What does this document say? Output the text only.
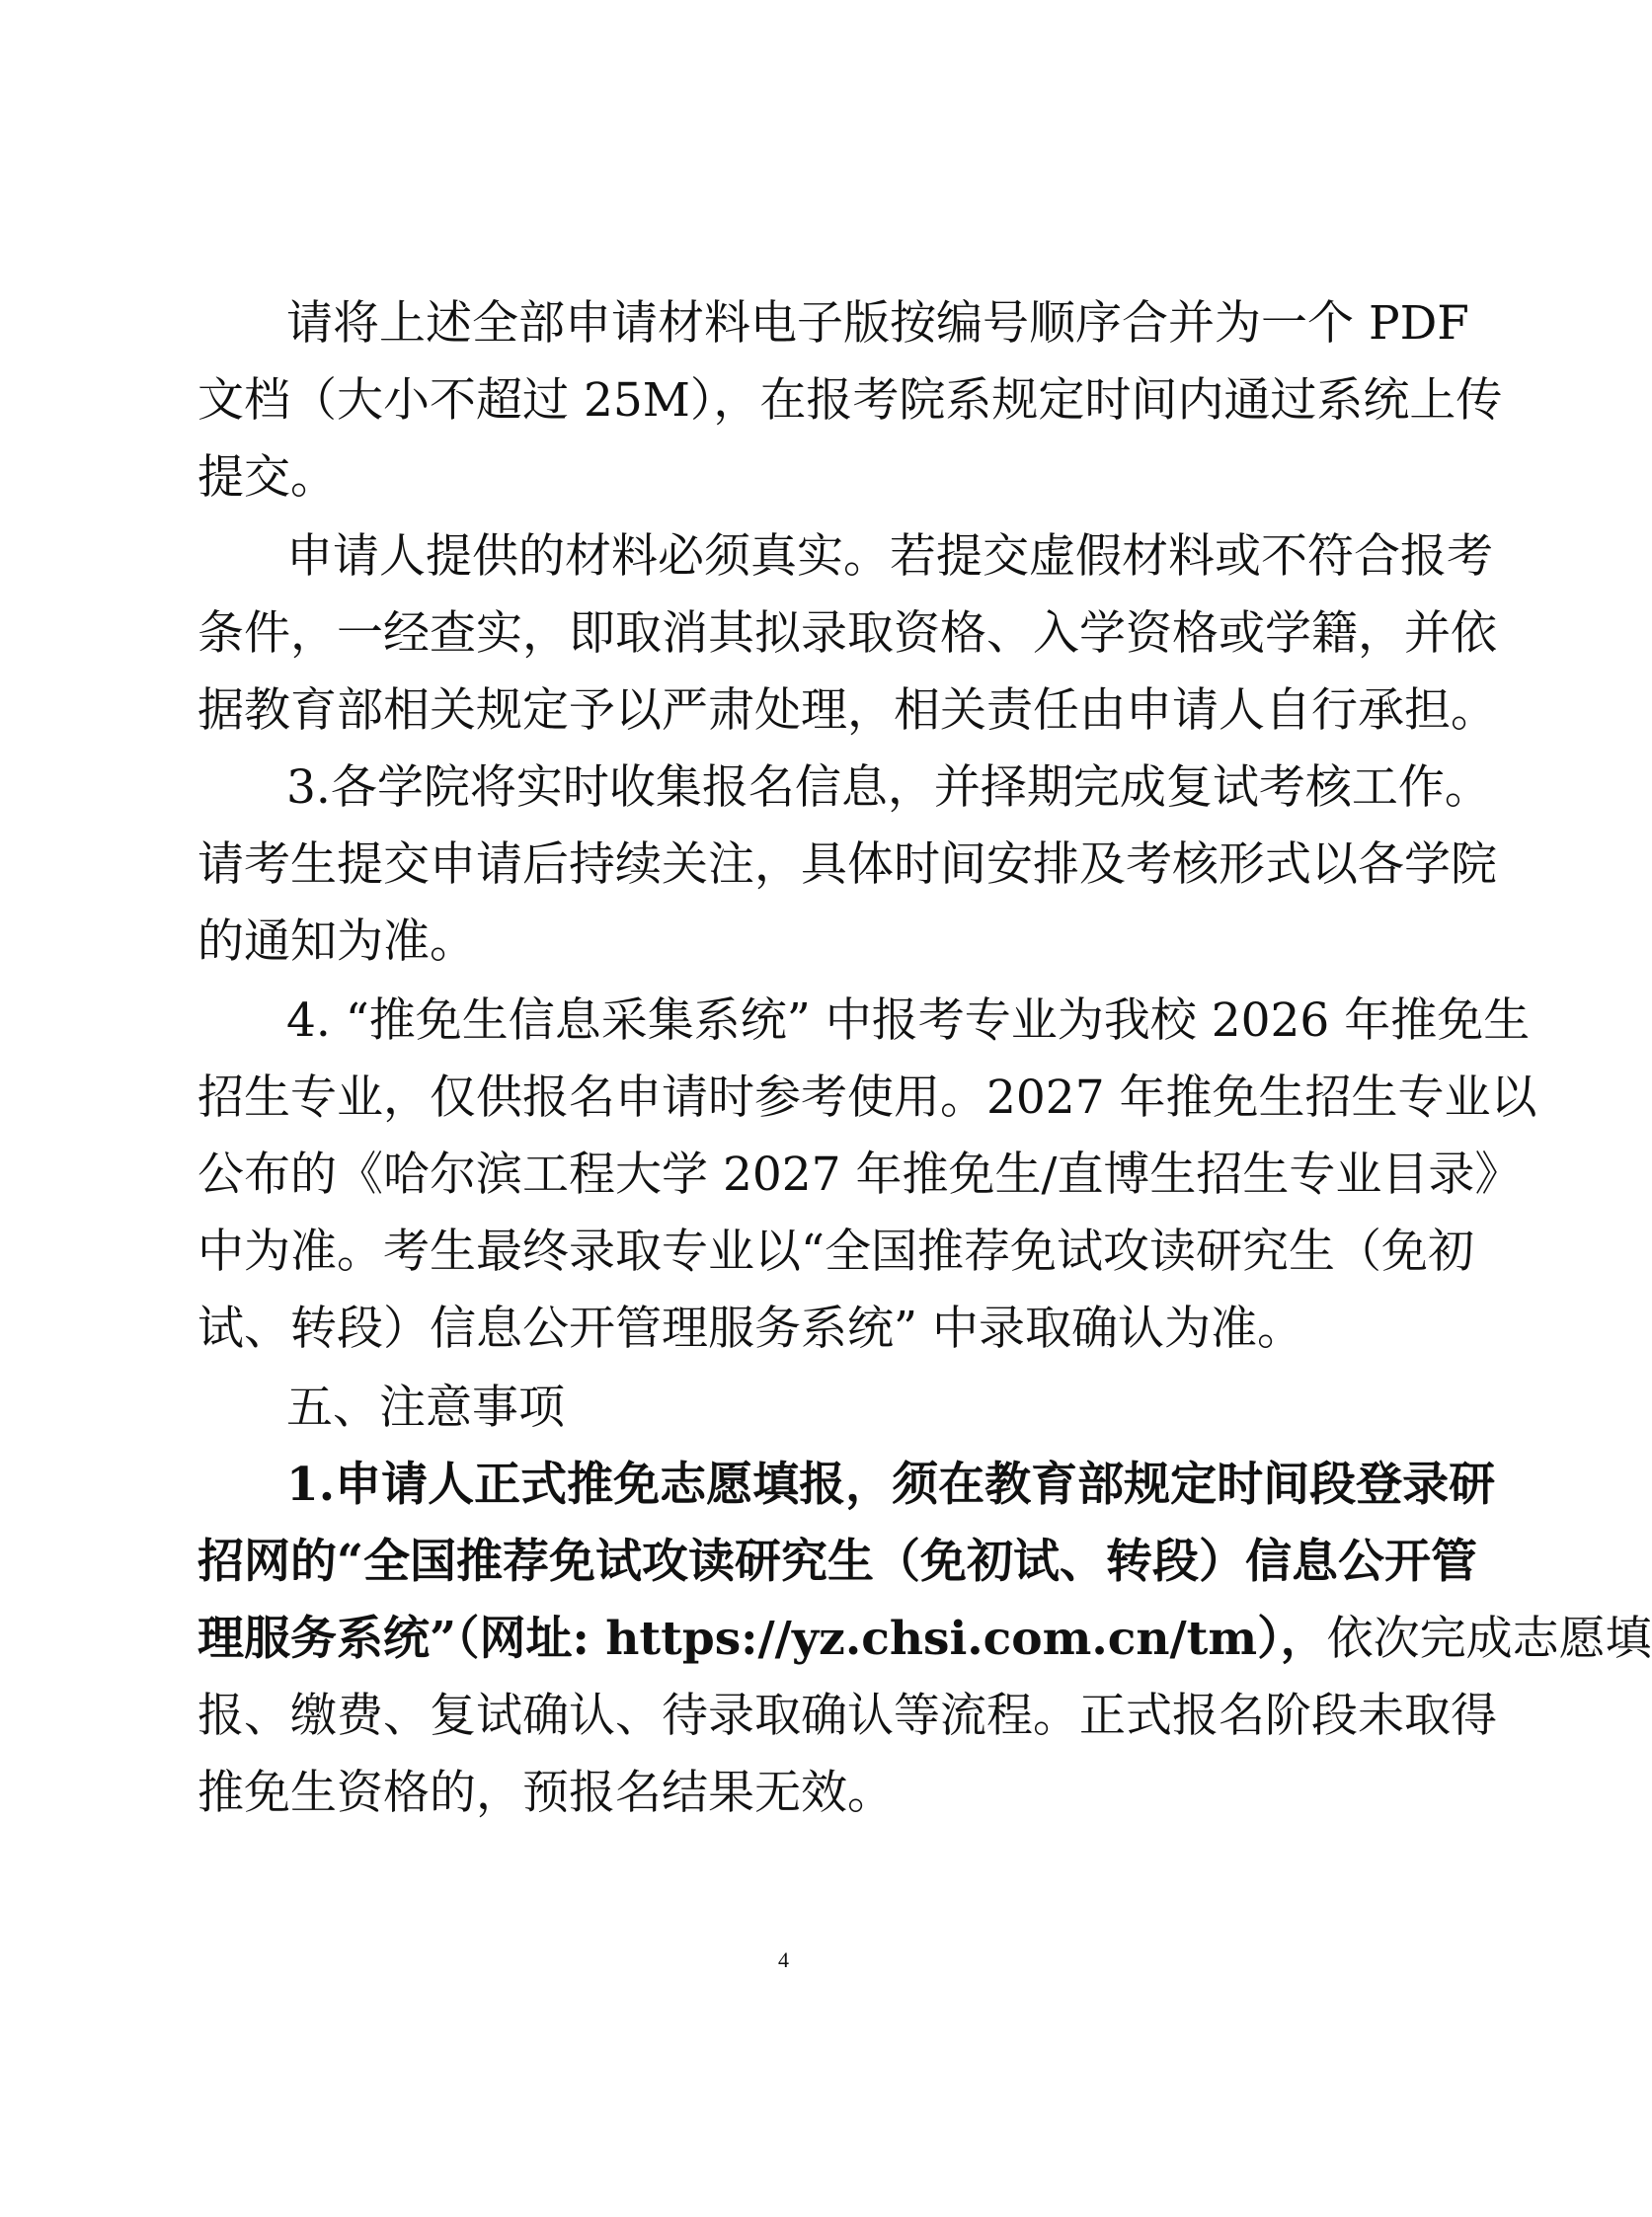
请将上述全部申请材料电子版按编号顺序合并为一个 PDF
文档（大小不超过 25M），在报考院系规定时间内通过系统上传
提交。
申请人提供的材料必须真实。若提交虚假材料或不符合报考
条件，一经查实，即取消其拟录取资格、入学资格或学籍，并依
据教育部相关规定予以严肃处理，相关责任由申请人自行承担。
3.各学院将实时收集报名信息，并择期完成复试考核工作。
请考生提交申请后持续关注，具体时间安排及考核形式以各学院
的通知为准。
4. “推免生信息采集系统” 中报考专业为我校 2026 年推免生
招生专业，仅供报名申请时参考使用。2027 年推免生招生专业以
公布的《哈尔滨工程大学 2027 年推免生/直博生招生专业目录》
中为准。考生最终录取专业以“全国推荐免试攻读研究生（免初
试、转段）信息公开管理服务系统” 中录取确认为准。
五、注意事项
1.申请人正式推免志愿填报，须在教育部规定时间段登录研
招网的“全国推荐免试攻读研究生（免初试、转段）信息公开管
理服务系统”（网址: https://yz.chsi.com.cn/tm）， 依次完成志愿填
报、缴费、复试确认、待录取确认等流程。正式报名阶段未取得
推免生资格的，预报名结果无效。
4
